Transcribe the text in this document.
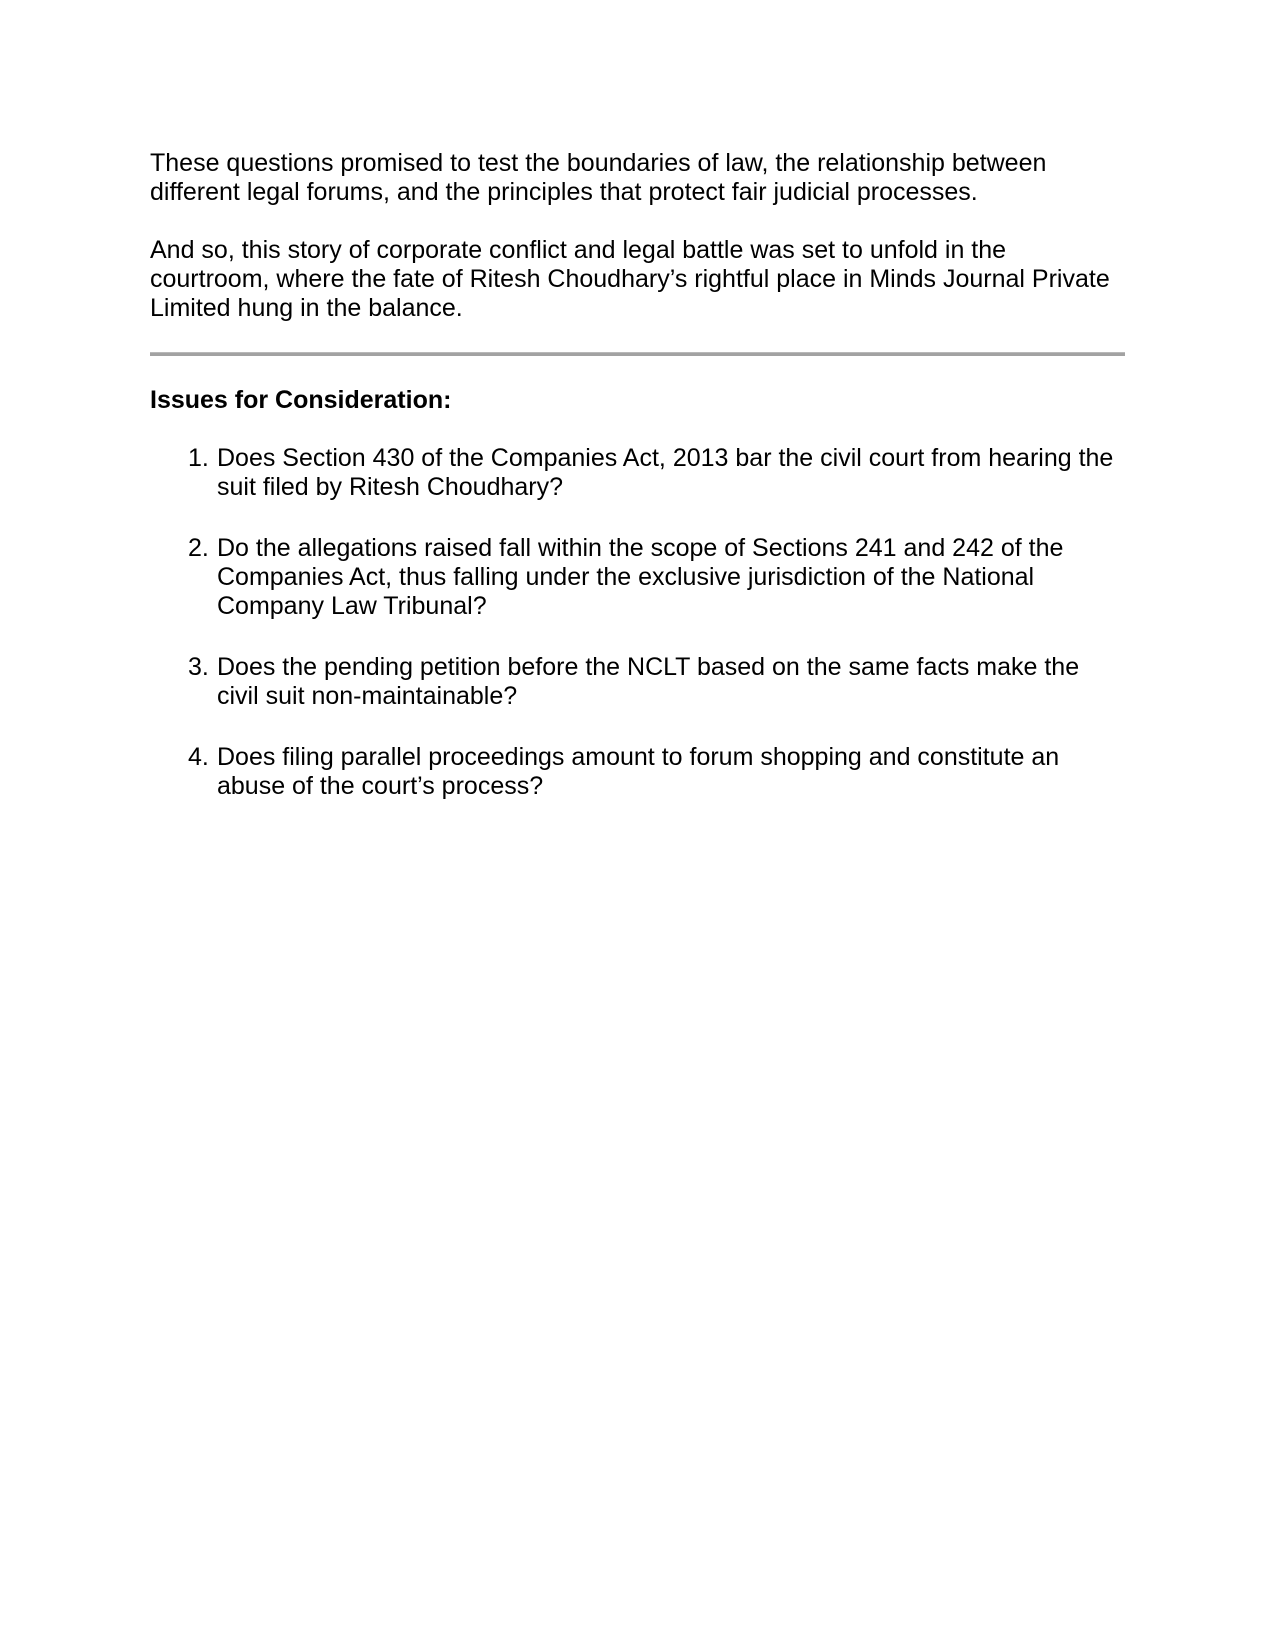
These questions promised to test the boundaries of law, the relationship between different legal forums, and the principles that protect fair judicial processes.

And so, this story of corporate conflict and legal battle was set to unfold in the courtroom, where the fate of Ritesh Choudhary’s rightful place in Minds Journal Private Limited hung in the balance.

Issues for Consideration:
1. Does Section 430 of the Companies Act, 2013 bar the civil court from hearing the suit filed by Ritesh Choudhary?
2. Do the allegations raised fall within the scope of Sections 241 and 242 of the Companies Act, thus falling under the exclusive jurisdiction of the National Company Law Tribunal?
3. Does the pending petition before the NCLT based on the same facts make the civil suit non-maintainable?
4. Does filing parallel proceedings amount to forum shopping and constitute an abuse of the court’s process?
